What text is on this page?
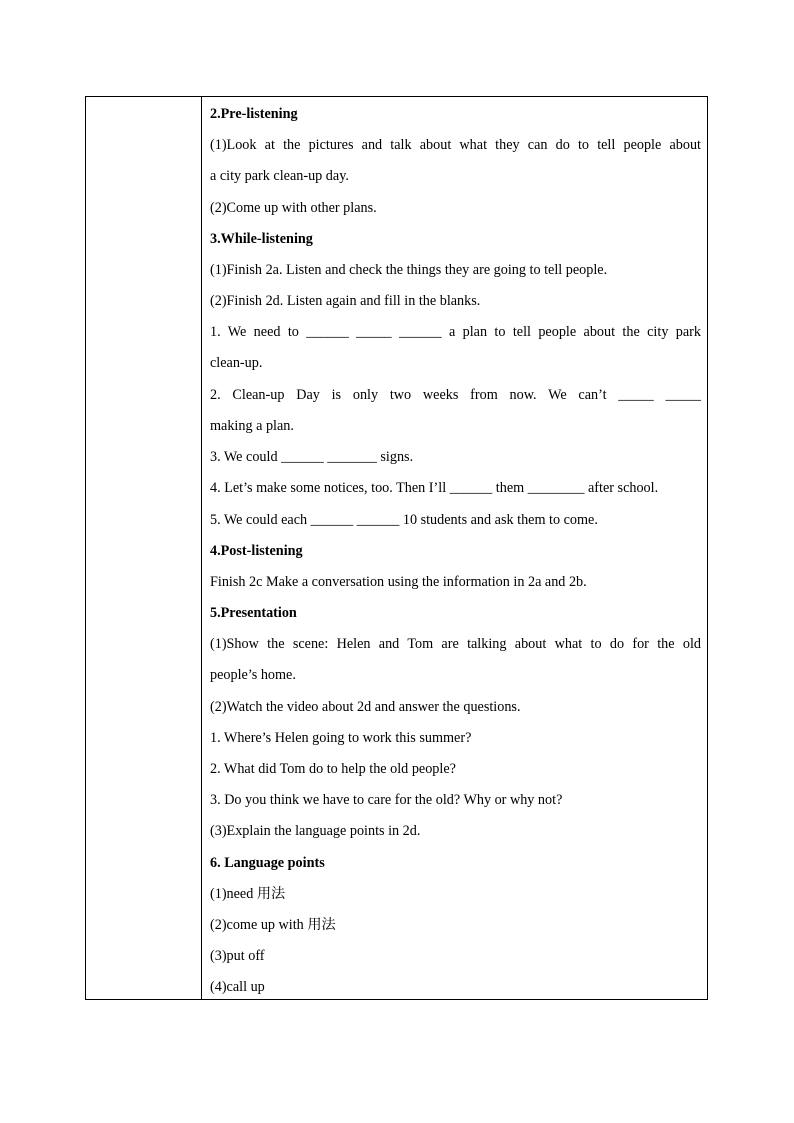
2.Pre-listening
(1)Look at the pictures and talk about what they can do to tell people about
a city park clean-up day.
(2)Come up with other plans.
3.While-listening
(1)Finish 2a. Listen and check the things they are going to tell people.
(2)Finish 2d. Listen again and fill in the blanks.
1. We need to ______ _____ ______ a plan to tell people about the city park
clean-up.
2. Clean-up Day is only two weeks from now. We can’t _____ _____
making a plan.
3. We could ______ _______ signs.
4. Let’s make some notices, too. Then I’ll ______ them ________ after school.
5. We could each ______ ______ 10 students and ask them to come.
4.Post-listening
Finish 2c Make a conversation using the information in 2a and 2b.
5.Presentation
(1)Show the scene: Helen and Tom are talking about what to do for the old
people’s home.
(2)Watch the video about 2d and answer the questions.
1. Where’s Helen going to work this summer?
2. What did Tom do to help the old people?
3. Do you think we have to care for the old? Why or why not?
(3)Explain the language points in 2d.
6. Language points
(1)need 用法
(2)come up with 用法
(3)put off
(4)call up
